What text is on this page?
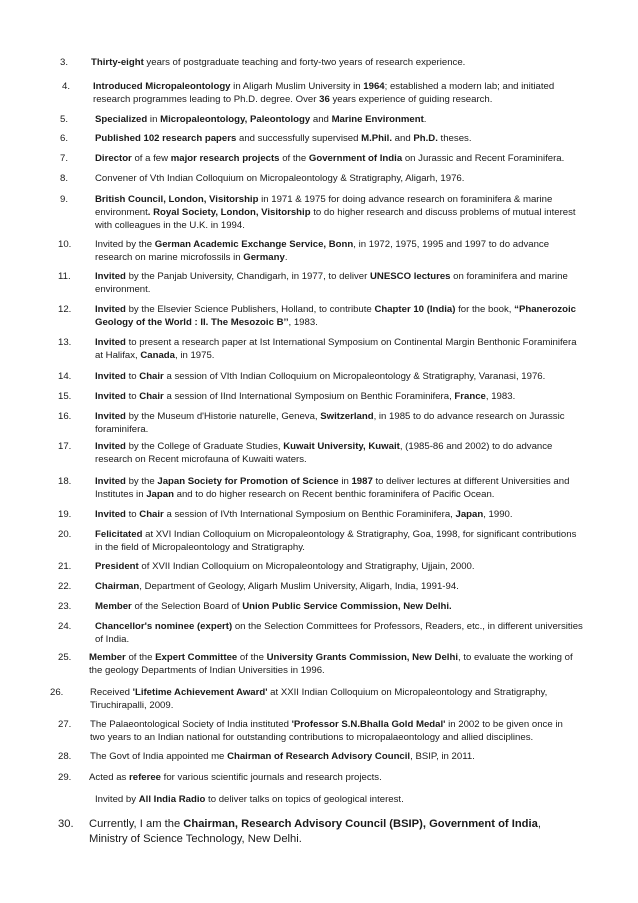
3. Thirty-eight years of postgraduate teaching and forty-two years of research experience.
4. Introduced Micropaleontology in Aligarh Muslim University in 1964; established a modern lab; and initiated research programmes leading to Ph.D. degree. Over 36 years experience of guiding research.
5.	Specialized in Micropaleontology, Paleontology and Marine Environment.
6.	Published 102 research papers and successfully supervised M.Phil. and Ph.D. theses.
7.	Director of a few major research projects of the Government of India on Jurassic and Recent Foraminifera.
8.	Convener of Vth Indian Colloquium on Micropaleontology & Stratigraphy, Aligarh, 1976.
9.	British Council, London, Visitorship in 1971 & 1975 for doing advance research on foraminifera & marine environment. Royal Society, London, Visitorship to do higher research and discuss problems of mutual interest with colleagues in the U.K. in 1994.
10. Invited by the German Academic Exchange Service, Bonn, in 1972, 1975, 1995 and 1997 to do advance research on marine microfossils in Germany.
11.	Invited by the Panjab University, Chandigarh, in 1977, to deliver UNESCO lectures on foraminifera and marine environment.
12. Invited by the Elsevier Science Publishers, Holland, to contribute Chapter 10 (India) for the book, “Phanerozoic Geology of the World : II. The Mesozoic B’’, 1983.
13. Invited to present a research paper at Ist International Symposium on Continental Margin Benthonic Foraminifera at Halifax, Canada, in 1975.
14. Invited to Chair a session of VIth Indian Colloquium on Micropaleontology & Stratigraphy, Varanasi, 1976.
15. Invited to Chair a session of IInd International Symposium on Benthic Foraminifera, France, 1983.
16. Invited by the Museum d'Historie naturelle, Geneva, Switzerland, in 1985 to do advance research on Jurassic foraminifera.
17. Invited by the College of Graduate Studies, Kuwait University, Kuwait, (1985-86 and 2002) to do advance research on Recent microfauna of Kuwaiti waters.
18. Invited by the Japan Society for Promotion of Science in 1987 to deliver lectures at different Universities and Institutes in Japan and to do higher research on Recent benthic foraminifera of Pacific Ocean.
19. Invited to Chair a session of IVth International Symposium on Benthic Foraminifera, Japan, 1990.
20. Felicitated at XVI Indian Colloquium on Micropaleontology & Stratigraphy, Goa, 1998, for significant contributions in the field of Micropaleontology and Stratigraphy.
21. President of XVII Indian Colloquium on Micropaleontology and Stratigraphy, Ujjain, 2000.
22. Chairman, Department of Geology, Aligarh Muslim University, Aligarh, India, 1991-94.
23. Member of the Selection Board of Union Public Service Commission, New Delhi.
24. Chancellor's nominee (expert) on the Selection Committees for Professors, Readers, etc., in different universities of India.
25. Member of the Expert Committee of the University Grants Commission, New Delhi, to evaluate the working of the geology Departments of Indian Universities in 1996.
26.	Received 'Lifetime Achievement Award' at XXII Indian Colloquium on Micropaleontology and Stratigraphy, Tiruchirapalli, 2009.
27. The Palaeontological Society of India instituted 'Professor S.N.Bhalla Gold Medal' in 2002 to be given once in two years to an Indian national for outstanding contributions to micropalaeontology and allied disciplines.
28. The Govt of India appointed me Chairman of Research Advisory Council, BSIP, in 2011.
29. Acted as referee for various scientific journals and research projects.
Invited by All India Radio to deliver talks on topics of geological interest.
30. Currently, I am the Chairman, Research Advisory Council (BSIP), Government of India, Ministry of Science Technology, New Delhi.
